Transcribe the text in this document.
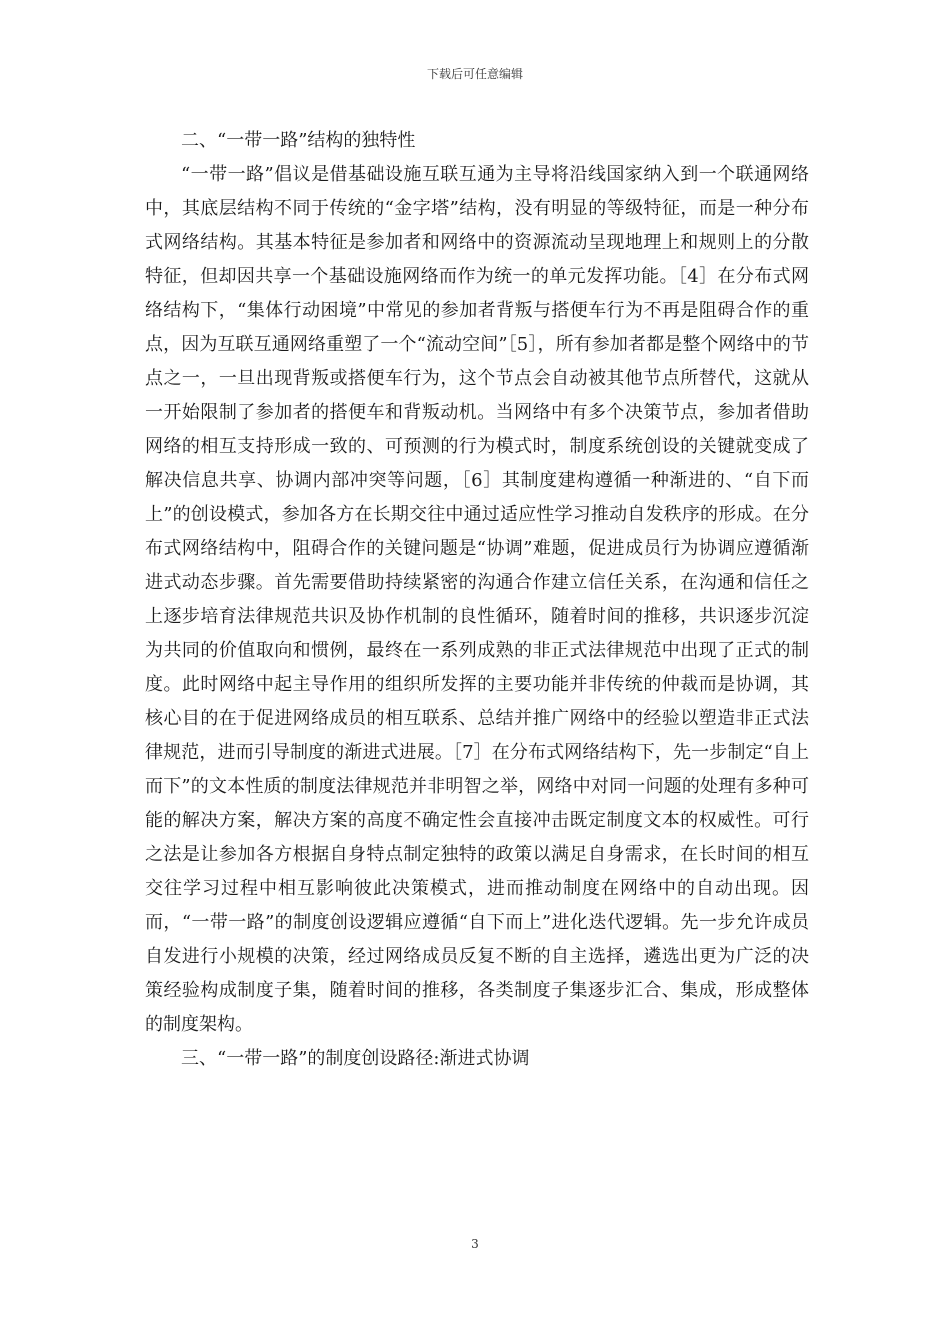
下载后可任意编辑
二、“一带一路”结构的独特性

“一带一路”倡议是借基础设施互联互通为主导将沿线国家纳入到一个联通网络中，其底层结构不同于传统的“金字塔”结构，没有明显的等级特征，而是一种分布式网络结构。其基本特征是参加者和网络中的资源流动呈现地理上和规则上的分散特征，但却因共享一个基础设施网络而作为统一的单元发挥功能。［4］在分布式网络结构下，“集体行动困境”中常见的参加者背叛与搭便车行为不再是阻碍合作的重点，因为互联互通网络重塑了一个“流动空间”［5］，所有参加者都是整个网络中的节点之一，一旦出现背叛或搭便车行为，这个节点会自动被其他节点所替代，这就从一开始限制了参加者的搭便车和背叛动机。当网络中有多个决策节点，参加者借助网络的相互支持形成一致的、可预测的行为模式时，制度系统创设的关键就变成了解决信息共享、协调内部冲突等问题，［6］其制度建构遵循一种渐进的、“自下而上”的创设模式，参加各方在长期交往中通过适应性学习推动自发秩序的形成。在分布式网络结构中，阻碍合作的关键问题是“协调”难题，促进成员行为协调应遵循渐进式动态步骤。首先需要借助持续紧密的沟通合作建立信任关系，在沟通和信任之上逐步培育法律规范共识及协作机制的良性循环，随着时间的推移，共识逐步沉淀为共同的价值取向和惯例，最终在一系列成熟的非正式法律规范中出现了正式的制度。此时网络中起主导作用的组织所发挥的主要功能并非传统的仲裁而是协调，其核心目的在于促进网络成员的相互联系、总结并推广网络中的经验以塑造非正式法律规范，进而引导制度的渐进式进展。［7］在分布式网络结构下，先一步制定“自上而下”的文本性质的制度法律规范并非明智之举，网络中对同一问题的处理有多种可能的解决方案，解决方案的高度不确定性会直接冲击既定制度文本的权威性。可行之法是让参加各方根据自身特点制定独特的政策以满足自身需求，在长时间的相互交往学习过程中相互影响彼此决策模式，进而推动制度在网络中的自动出现。因而，“一带一路”的制度创设逻辑应遵循“自下而上”进化迭代逻辑。先一步允许成员自发进行小规模的决策，经过网络成员反复不断的自主选择，遴选出更为广泛的决策经验构成制度子集，随着时间的推移，各类制度子集逐步汇合、集成，形成整体的制度架构。

三、“一带一路”的制度创设路径:渐进式协调
3
